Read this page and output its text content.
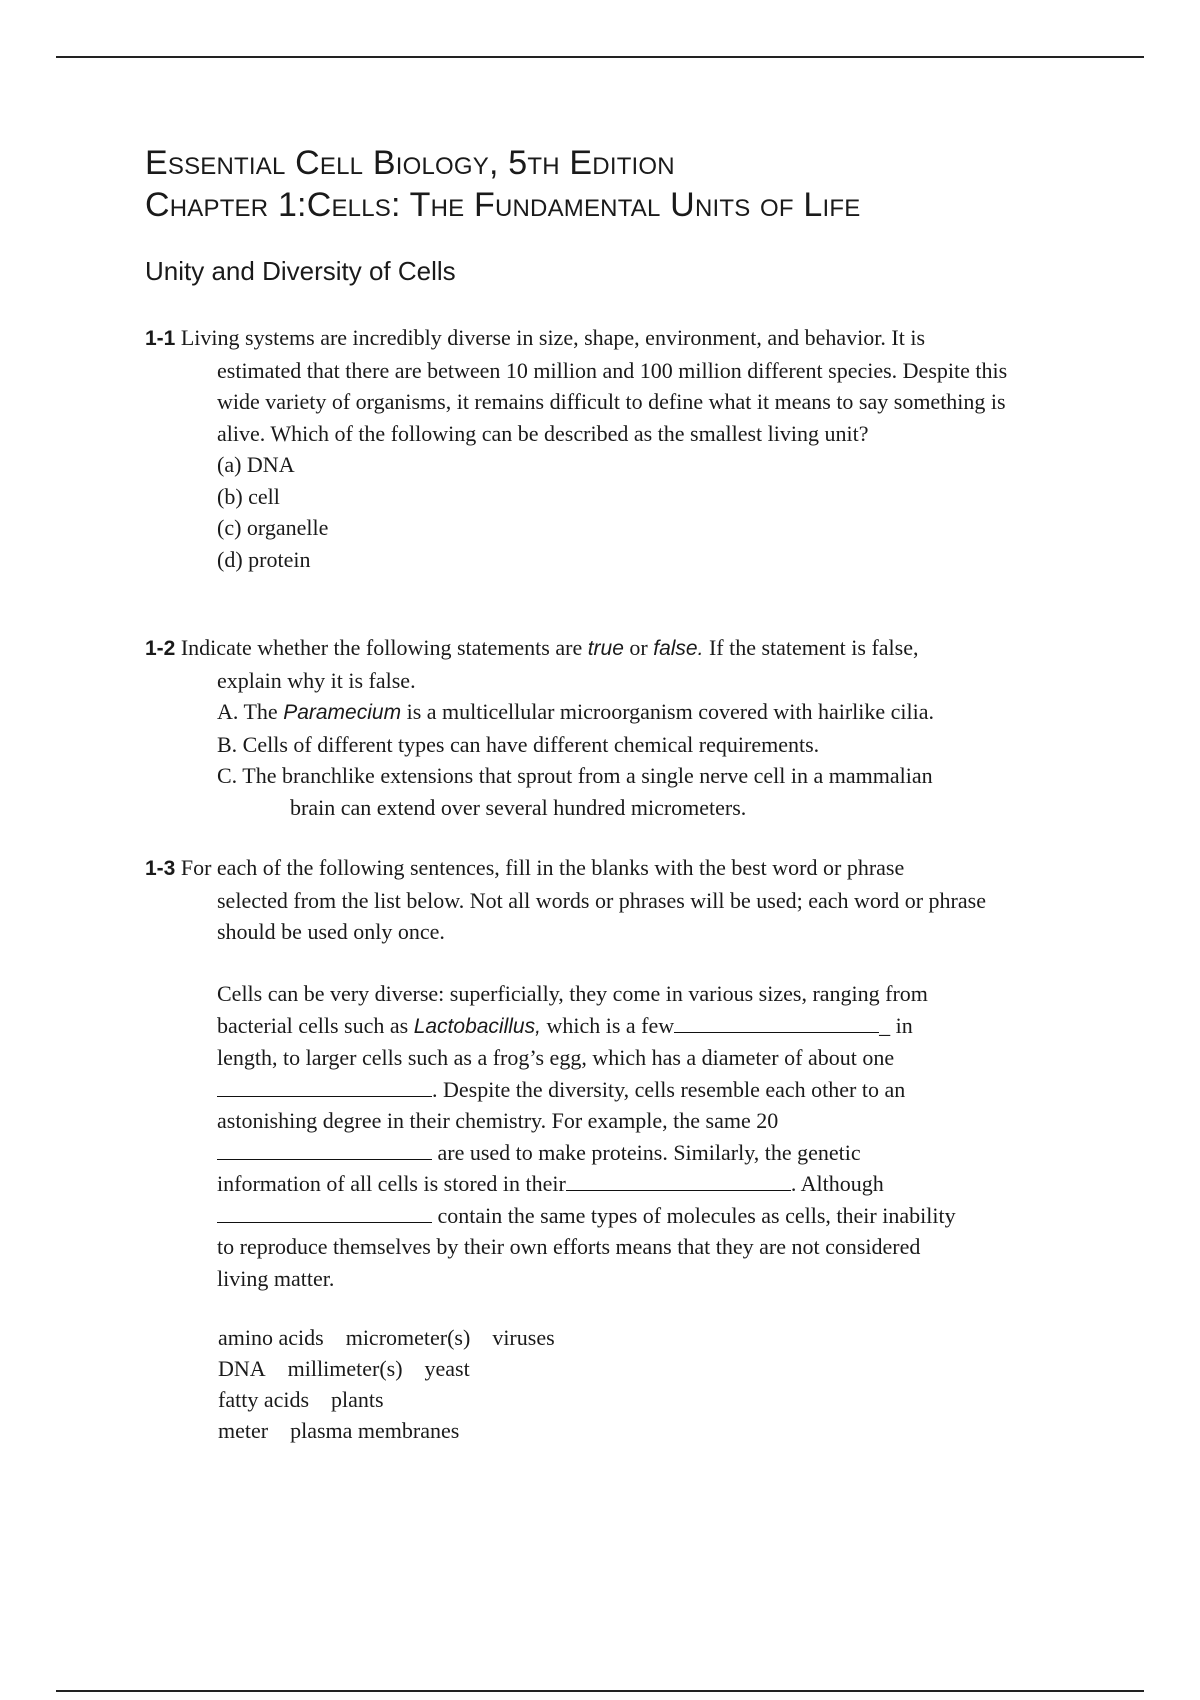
Essential Cell Biology, 5th Edition
Chapter 1:Cells: The Fundamental Units of Life
Unity and Diversity of Cells
1-1 Living systems are incredibly diverse in size, shape, environment, and behavior. It is
estimated that there are between 10 million and 100 million different species. Despite this
wide variety of organisms, it remains difficult to define what it means to say something is
alive. Which of the following can be described as the smallest living unit?
(a) DNA
(b) cell
(c) organelle
(d) protein
1-2 Indicate whether the following statements are true or false. If the statement is false,
explain why it is false.
A. The Paramecium is a multicellular microorganism covered with hairlike cilia.
B. Cells of different types can have different chemical requirements.
C. The branchlike extensions that sprout from a single nerve cell in a mammalian
brain can extend over several hundred micrometers.
1-3 For each of the following sentences, fill in the blanks with the best word or phrase
selected from the list below. Not all words or phrases will be used; each word or phrase
should be used only once.
Cells can be very diverse: superficially, they come in various sizes, ranging from
bacterial cells such as Lactobacillus, which is a few	_ in
length, to larger cells such as a frog’s egg, which has a diameter of about one
. Despite the diversity, cells resemble each other to an
astonishing degree in their chemistry. For example, the same 20
are used to make proteins. Similarly, the genetic
information of all cells is stored in their	. Although
contain the same types of molecules as cells, their inability
to reproduce themselves by their own efforts means that they are not considered
living matter.
amino acids micrometer(s) viruses
DNA millimeter(s) yeast
fatty acids plants
meter plasma membranes
